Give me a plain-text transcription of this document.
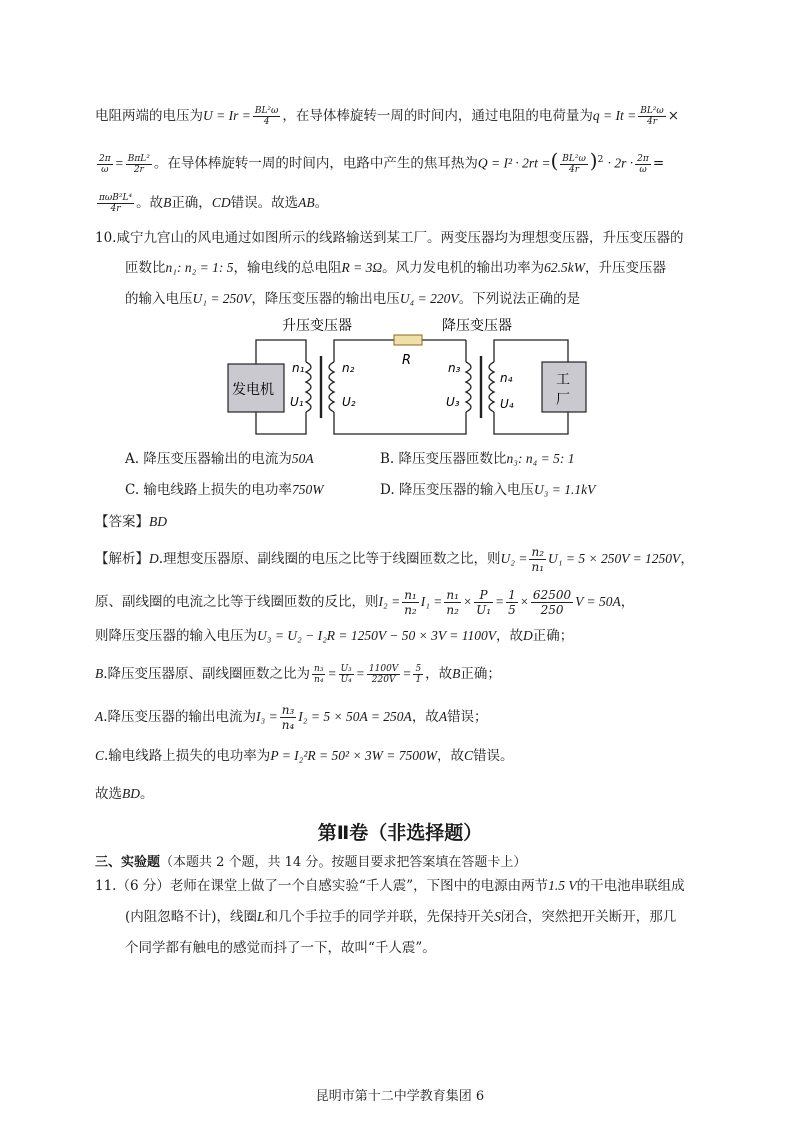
电阻两端的电压为$U = Ir = \frac{\text{BL²ω}}{4}$ ，在导体棒旋转一周的时间内，通过电阻的电荷量为$q = It = \frac{\text{BL²ω}}{4r}$ ×
$\frac{2\pi}{\omega} = \frac{\text{BπL²}}{2r}$ 。在导体棒旋转一周的时间内，电路中产生的焦耳热为Q = I² · 2rt =( $\frac{\text{BL²ω}}{4r} )^2 \cdot 2r \cdot \frac{2\pi}{\omega}$ =
$\frac{\text{πωB²L⁴}}{4r}$ 。故B正确，CD错误。故选AB。
10.咸宁九宫山的风电通过如图所示的线路输送到某工厂。两变压器均为理想变压器，升压变压器的
匝数比n₁: n₂ = 1: 5，输电线的总电阻R = 3Ω。风力发电机的输出功率为62.5kW，升压变压器
的输入电压U₁ = 250V，降压变压器的输出电压U₄ = 220V。下列说法正确的是
升压变压器	降压变压器
R
发电机
工
厂
n₁
U₁
n₂
U₂
n₃
U₃
n₄
U₄
A. 降压变压器输出的电流为50A	B. 降压变压器匝数比n₃: n₄ = 5: 1
C. 输电线路上损失的电功率750W	D. 降压变压器的输入电压U₃ = 1.1kV
【答案】BD
【解析】D.理想变压器原、副线圈的电压之比等于线圈匝数之比，则$U_2 = \frac{\text{n₂}}{\text{n₁}} U_1 = 5 \times 250V = 1250V$，
原、副线圈的电流之比等于线圈匝数的反比，则$I_2 = \frac{\text{n₁}}{\text{n₂}} I_1 = \frac{\text{n₁}}{\text{n₂}} \times \frac{P}{\text{U₁}} = \frac{1}{5} \times \frac{62500}{250}$ V = 50A，
则降压变压器的输入电压为U₃ = U₂ − I₂R = 1250V − 50 × 3V = 1100V，故D正确；
B.降压变压器原、副线圈匝数之比为 $\frac{\text{n₃}}{\text{n₄}} = \frac{\text{U₃}}{\text{U₄}} = \frac{1100V}{220V} = \frac{5}{1}$ ，故B正确；
A.降压变压器的输出电流为$I_3 = \frac{\text{n₃}}{\text{n₄}} I_2 = 5 \times 50A = 250A$，故A错误；
C.输电线路上损失的电功率为P = I₂²R = 50² × 3W = 7500W，故C错误。
故选BD。
第Ⅱ卷（非选择题）
三、实验题（本题共 2 个题，共 14 分。按题目要求把答案填在答题卡上）
11.（6 分）老师在课堂上做了一个自感实验“千人震”，下图中的电源由两节1.5 V的干电池串联组成
(内阻忽略不计)，线圈L和几个手拉手的同学并联，先保持开关S闭合，突然把开关断开，那几
个同学都有触电的感觉而抖了一下，故叫“千人震”。
昆明市第十二中学教育集团 6
